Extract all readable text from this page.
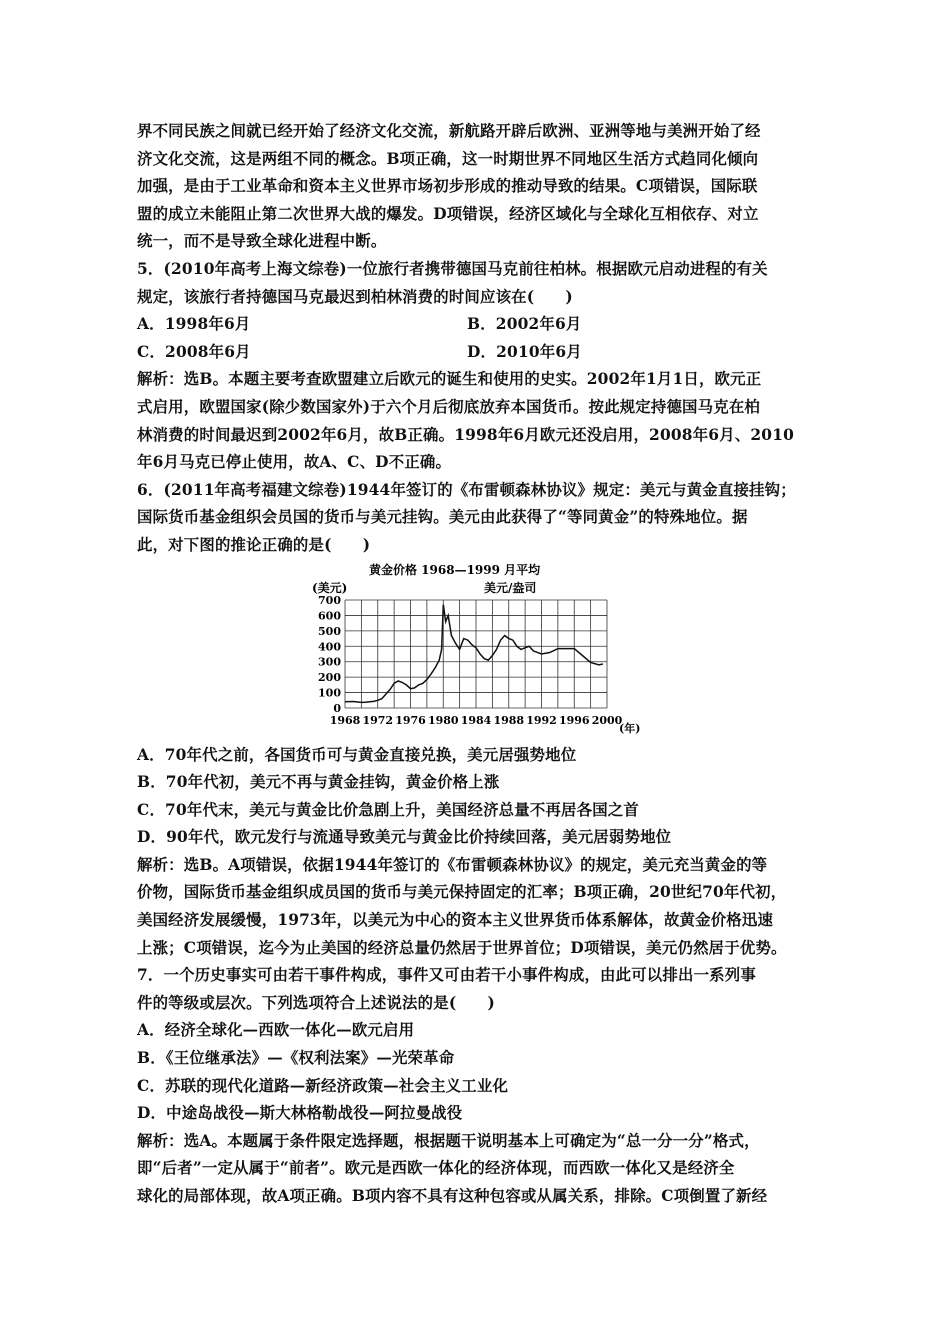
界不同民族之间就已经开始了经济文化交流，新航路开辟后欧洲、亚洲等地与美洲开始了经

济文化交流，这是两组不同的概念。B项正确，这一时期世界不同地区生活方式趋同化倾向

加强，是由于工业革命和资本主义世界市场初步形成的推动导致的结果。C项错误，国际联

盟的成立未能阻止第二次世界大战的爆发。D项错误，经济区域化与全球化互相依存、对立

统一，而不是导致全球化进程中断。

5．(2010年高考上海文综卷)一位旅行者携带德国马克前往柏林。根据欧元启动进程的有关

规定，该旅行者持德国马克最迟到柏林消费的时间应该在(　　)

A．1998年6月	B．2002年6月

C．2008年6月	D．2010年6月

解析：选B。本题主要考查欧盟建立后欧元的诞生和使用的史实。2002年1月1日，欧元正

式启用，欧盟国家(除少数国家外)于六个月后彻底放弃本国货币。按此规定持德国马克在柏

林消费的时间最迟到2002年6月，故B正确。1998年6月欧元还没启用，2008年6月、2010

年6月马克已停止使用，故A、C、D不正确。

6．(2011年高考福建文综卷)1944年签订的《布雷顿森林协议》规定：美元与黄金直接挂钩；

国际货币基金组织会员国的货币与美元挂钩。美元由此获得了“等同黄金”的特殊地位。据

此，对下图的推论正确的是(　　)

黄金价格 1968—1999 月平均
(美元)	美元/盎司
0
100
200
300
400
500
600
700
1968 1972 1976 1980 1984 1988 1992 1996 2000
(年)

A．70年代之前，各国货币可与黄金直接兑换，美元居强势地位

B．70年代初，美元不再与黄金挂钩，黄金价格上涨

C．70年代末，美元与黄金比价急剧上升，美国经济总量不再居各国之首

D．90年代，欧元发行与流通导致美元与黄金比价持续回落，美元居弱势地位

解析：选B。A项错误，依据1944年签订的《布雷顿森林协议》的规定，美元充当黄金的等

价物，国际货币基金组织成员国的货币与美元保持固定的汇率；B项正确，20世纪70年代初，

美国经济发展缓慢，1973年，以美元为中心的资本主义世界货币体系解体，故黄金价格迅速

上涨；C项错误，迄今为止美国的经济总量仍然居于世界首位；D项错误，美元仍然居于优势。

7．一个历史事实可由若干事件构成，事件又可由若干小事件构成，由此可以排出一系列事

件的等级或层次。下列选项符合上述说法的是(　　)

A．经济全球化—西欧一体化—欧元启用

B．《王位继承法》—《权利法案》—光荣革命

C．苏联的现代化道路—新经济政策—社会主义工业化

D．中途岛战役—斯大林格勒战役—阿拉曼战役

解析：选A。本题属于条件限定选择题，根据题干说明基本上可确定为“总一分一分”格式，

即“后者”一定从属于“前者”。欧元是西欧一体化的经济体现，而西欧一体化又是经济全

球化的局部体现，故A项正确。B项内容不具有这种包容或从属关系，排除。C项倒置了新经
